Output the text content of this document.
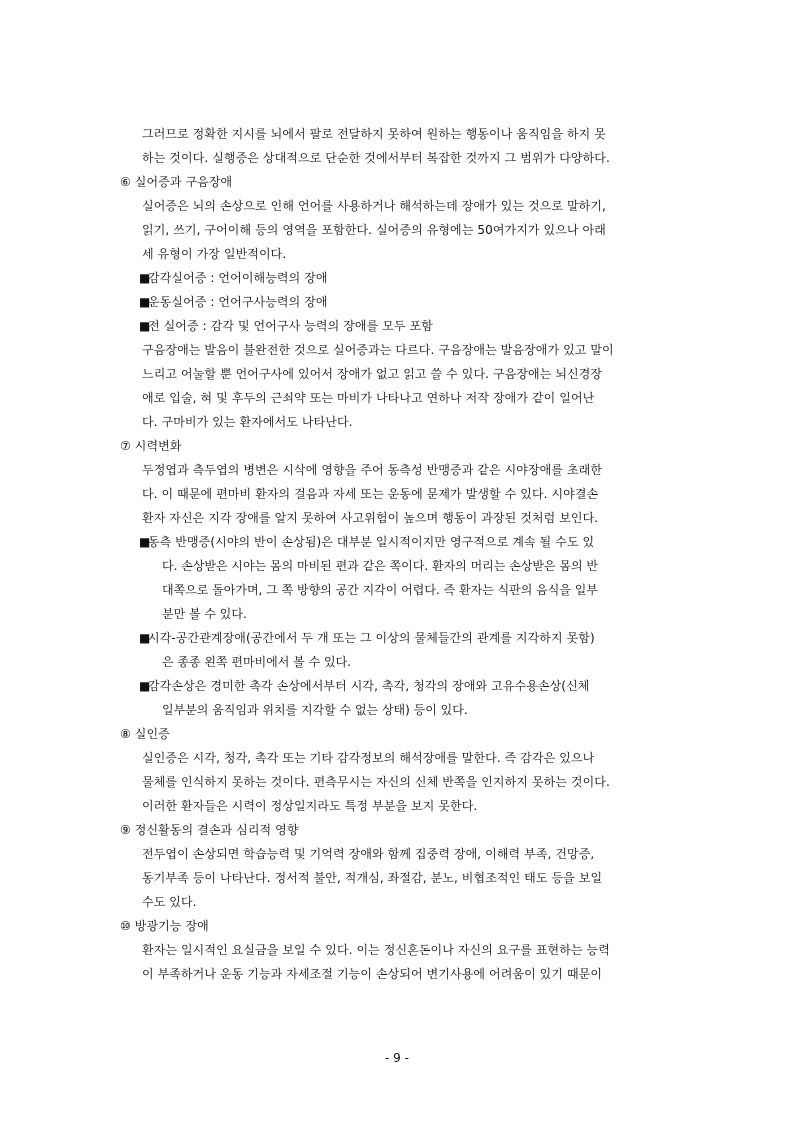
그러므로 정확한 지시를 뇌에서 팔로 전달하지 못하여 원하는 행동이나 움직임을 하지 못
하는 것이다. 실행증은 상대적으로 단순한 것에서부터 복잡한 것까지 그 범위가 다양하다.
⑥ 실어증과 구음장애
실어증은 뇌의 손상으로 인해 언어를 사용하거나 해석하는데 장애가 있는 것으로 말하기,
읽기, 쓰기, 구어이해 등의 영역을 포함한다. 실어증의 유형에는 50여가지가 있으나 아래
세 유형이 가장 일반적이다.
■
감각실어증 : 언어이해능력의 장애
■
운동실어증 : 언어구사능력의 장애
■
전 실어증 : 감각 및 언어구사 능력의 장애를 모두 포함
구음장애는 발음이 불완전한 것으로 실어증과는 다르다. 구음장애는 발음장애가 있고 말이
느리고 어눌할 뿐 언어구사에 있어서 장애가 없고 읽고 쓸 수 있다. 구음장애는 뇌신경장
애로 입술, 혀 및 후두의 근쇠약 또는 마비가 나타나고 연하나 저작 장애가 같이 일어난
다. 구마비가 있는 환자에서도 나타난다.
⑦ 시력변화
두정엽과 측두엽의 병변은 시삭에 영향을 주어 동측성 반맹증과 같은 시야장애를 초래한
다. 이 때문에 편마비 환자의 걸음과 자세 또는 운동에 문제가 발생할 수 있다. 시야결손
환자 자신은 지각 장애를 알지 못하여 사고위험이 높으며 행동이 과장된 것처럼 보인다.
■
동측 반맹증(시야의 반이 손상됨)은 대부분 일시적이지만 영구적으로 계속 될 수도 있
다. 손상받은 시야는 몸의 마비된 편과 같은 쪽이다. 환자의 머리는 손상받은 몸의 반
대쪽으로 돌아가며, 그 쪽 방향의 공간 지각이 어렵다. 즉 환자는 식판의 음식을 일부
분만 볼 수 있다.
■
시각-공간관계장애(공간에서 두 개 또는 그 이상의 물체들간의 관계를 지각하지 못함)
은 종종 왼쪽 편마비에서 볼 수 있다.
■
감각손상은 경미한 촉각 손상에서부터 시각, 촉각, 청각의 장애와 고유수용손상(신체
일부분의 움직임과 위치를 지각할 수 없는 상태) 등이 있다.
⑧ 실인증
실인증은 시각, 청각, 촉각 또는 기타 감각정보의 해석장애를 말한다. 즉 감각은 있으나
물체를 인식하지 못하는 것이다. 편측무시는 자신의 신체 반쪽을 인지하지 못하는 것이다.
이러한 환자들은 시력이 정상일지라도 특정 부분을 보지 못한다.
⑨ 정신활동의 결손과 심리적 영향
전두엽이 손상되면 학습능력 및 기억력 장애와 함께 집중력 장애, 이해력 부족, 건망증,
동기부족 등이 나타난다. 정서적 불안, 적개심, 좌절감, 분노, 비협조적인 태도 등을 보일
수도 있다.
⑩ 방광기능 장애
환자는 일시적인 요실금을 보일 수 있다. 이는 정신혼돈이나 자신의 요구를 표현하는 능력
이 부족하거나 운동 기능과 자세조절 기능이 손상되어 변기사용에 어려움이 있기 때문이
- 9 -
